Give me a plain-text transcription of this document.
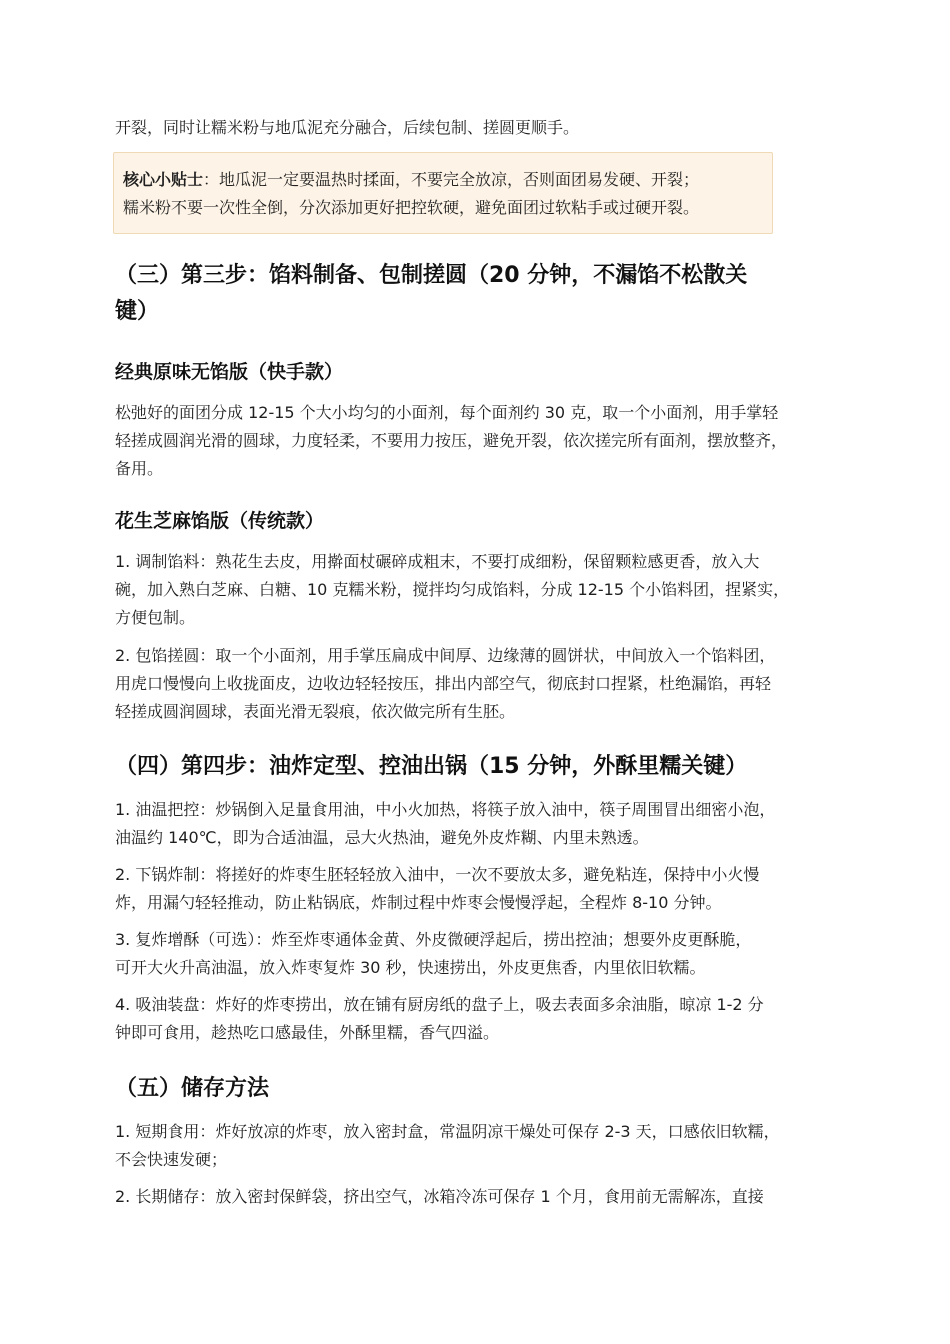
开裂，同时让糯米粉与地瓜泥充分融合，后续包制、搓圆更顺手。

核心小贴士：地瓜泥一定要温热时揉面，不要完全放凉，否则面团易发硬、开裂；

糯米粉不要一次性全倒，分次添加更好把控软硬，避免面团过软粘手或过硬开裂。

（三）第三步：馅料制备、包制搓圆（20 分钟，不漏馅不松散关
键）
经典原味无馅版（快手款）

松弛好的面团分成 12-15 个大小均匀的小面剂，每个面剂约 30 克，取一个小面剂，用手掌轻

轻搓成圆润光滑的圆球，力度轻柔，不要用力按压，避免开裂，依次搓完所有面剂，摆放整齐，

备用。

花生芝麻馅版（传统款）

1. 调制馅料：熟花生去皮，用擀面杖碾碎成粗末，不要打成细粉，保留颗粒感更香，放入大

碗，加入熟白芝麻、白糖、10 克糯米粉，搅拌均匀成馅料，分成 12-15 个小馅料团，捏紧实，

方便包制。

2. 包馅搓圆：取一个小面剂，用手掌压扁成中间厚、边缘薄的圆饼状，中间放入一个馅料团，

用虎口慢慢向上收拢面皮，边收边轻轻按压，排出内部空气，彻底封口捏紧，杜绝漏馅，再轻

轻搓成圆润圆球，表面光滑无裂痕，依次做完所有生胚。

（四）第四步：油炸定型、控油出锅（15 分钟，外酥里糯关键）

1. 油温把控：炒锅倒入足量食用油，中小火加热，将筷子放入油中，筷子周围冒出细密小泡，

油温约 140℃，即为合适油温，忌大火热油，避免外皮炸糊、内里未熟透。

2. 下锅炸制：将搓好的炸枣生胚轻轻放入油中，一次不要放太多，避免粘连，保持中小火慢

炸，用漏勺轻轻推动，防止粘锅底，炸制过程中炸枣会慢慢浮起，全程炸 8-10 分钟。

3. 复炸增酥（可选）：炸至炸枣通体金黄、外皮微硬浮起后，捞出控油；想要外皮更酥脆，

可开大火升高油温，放入炸枣复炸 30 秒，快速捞出，外皮更焦香，内里依旧软糯。

4. 吸油装盘：炸好的炸枣捞出，放在铺有厨房纸的盘子上，吸去表面多余油脂，晾凉 1-2 分

钟即可食用，趁热吃口感最佳，外酥里糯，香气四溢。

（五）储存方法

1. 短期食用：炸好放凉的炸枣，放入密封盒，常温阴凉干燥处可保存 2-3 天，口感依旧软糯，

不会快速发硬；

2. 长期储存：放入密封保鲜袋，挤出空气，冰箱冷冻可保存 1 个月，食用前无需解冻，直接
